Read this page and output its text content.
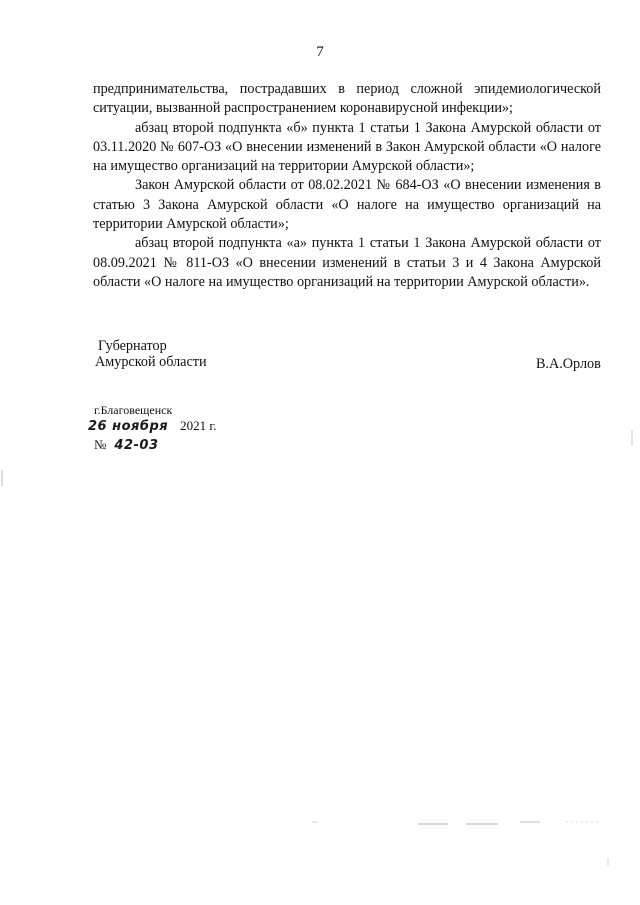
7

предпринимательства, пострадавших в период сложной эпидемиологической ситуации, вызванной распространением коронавирусной инфекции»;

абзац второй подпункта «б» пункта 1 статьи 1 Закона Амурской области от 03.11.2020 № 607-ОЗ «О внесении изменений в Закон Амурской области «О налоге на имущество организаций на территории Амурской области»;

Закон Амурской области от 08.02.2021 № 684-ОЗ «О внесении изменения в статью 3 Закона Амурской области «О налоге на имущество организаций на территории Амурской области»;

абзац второй подпункта «а» пункта 1 статьи 1 Закона Амурской области от 08.09.2021 № 811-ОЗ «О внесении изменений в статьи 3 и 4 Закона Амурской области «О налоге на имущество организаций на территории Амурской области».

Губернатор
Амурской области	В.А.Орлов
г.Благовещенск
26 ноября 2021 г.
№ 42-03
